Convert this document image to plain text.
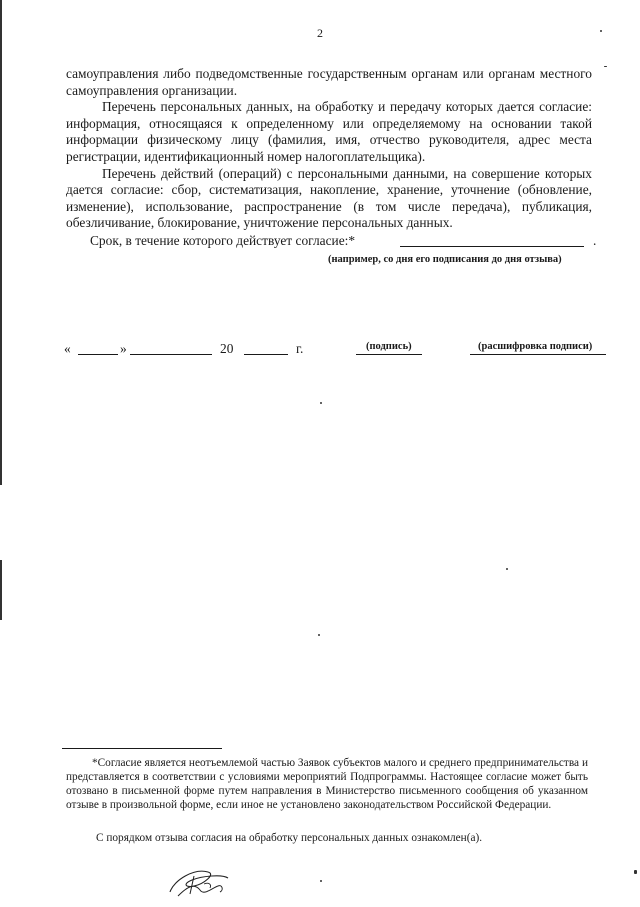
2

самоуправления либо подведомственные государственным органам или органам местного самоуправления организации.

Перечень персональных данных, на обработку и передачу которых дается согласие: информация, относящаяся к определенному или определяемому на основании такой информации физическому лицу (фамилия, имя, отчество руководителя, адрес места регистрации, идентификационный номер налогоплательщика).

Перечень действий (операций) с персональными данными, на совершение которых дается согласие: сбор, систематизация, накопление, хранение, уточнение (обновление, изменение), использование, распространение (в том числе передача), публикация, обезличивание, блокирование, уничтожение персональных данных.

Срок, в течение которого действует согласие:*	.
(например, со дня его подписания до дня отзыва)
«	»	20	г.	(подпись)	(расшифровка подписи)
*Согласие является неотъемлемой частью Заявок субъектов малого и среднего предпринимательства и представляется в соответствии с условиями мероприятий Подпрограммы. Настоящее согласие может быть отозвано в письменной форме путем направления в Министерство письменного сообщения об указанном отзыве в произвольной форме, если иное не установлено законодательством Российской Федерации.
С порядком отзыва согласия на обработку персональных данных ознакомлен(а).
